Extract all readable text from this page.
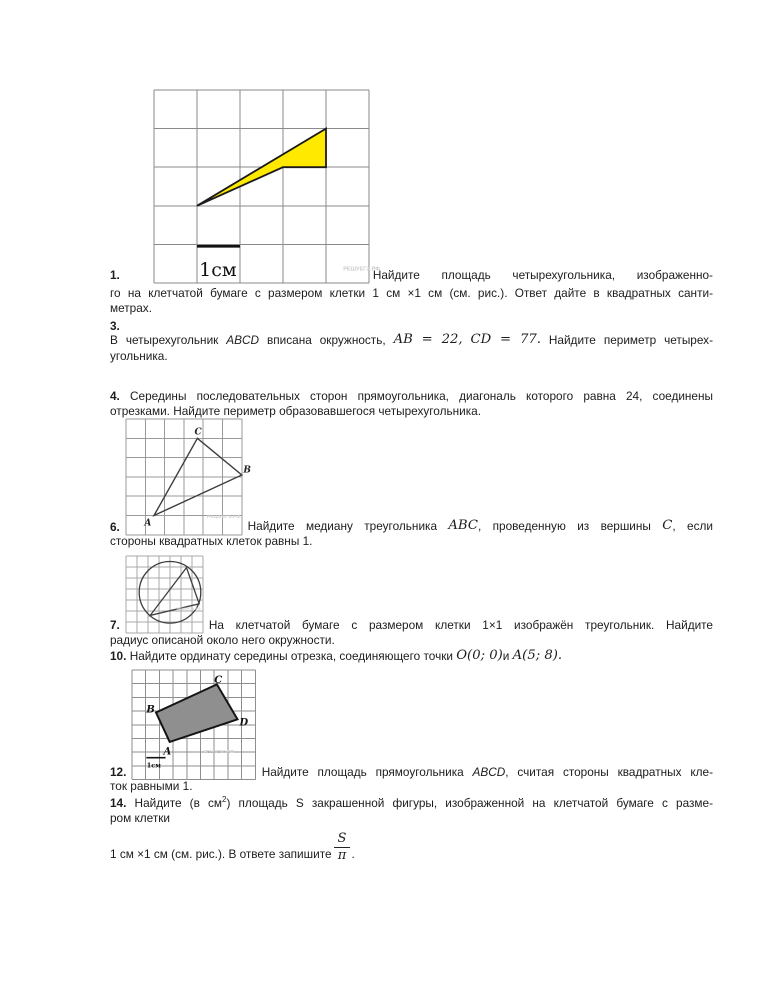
1.	1см	РЕШУЕГЭ.РФ
Найдите площадь четырехугольника, изображенно-
го на клетчатой бумаге с размером клетки 1 см ×1 см (см. рис.). Ответ дайте в квадратных санти-
метрах.
3.
В четырехугольник ABCD вписана окружность, AB = 22, CD = 77. Найдите периметр четырех-
угольника.
4. Середины последовательных сторон прямоугольника, диагональ которого равна 24, соединены
отрезками. Найдите периметр образовавшегося четырехугольника.
6.	A
B
C
РЕШУЕГЭ.РФ
Найдите медиану треугольника ABC, проведенную из вершины C, если
стороны квадратных клеток равны 1.
7.
РЕШУЕГЭ.РФ
На клетчатой бумаге с размером клетки 1×1 изображён треугольник. Найдите
радиус описаной около него окружности.
10. Найдите ординату середины отрезка, соединяющего точки O(0; 0)и A(5; 8).
12.
A
B
C
D
1см
РЕШУЕГЭ.РФ
Найдите площадь прямоугольника ABCD, считая стороны квадратных кле-
ток равными 1.
14. Найдите (в $см^2$) площадь S закрашенной фигуры, изображенной на клетчатой бумаге с разме-
ром клетки
1 см ×1 см (см. рис.). В ответе запишите $\frac{S}{\pi}$ .
